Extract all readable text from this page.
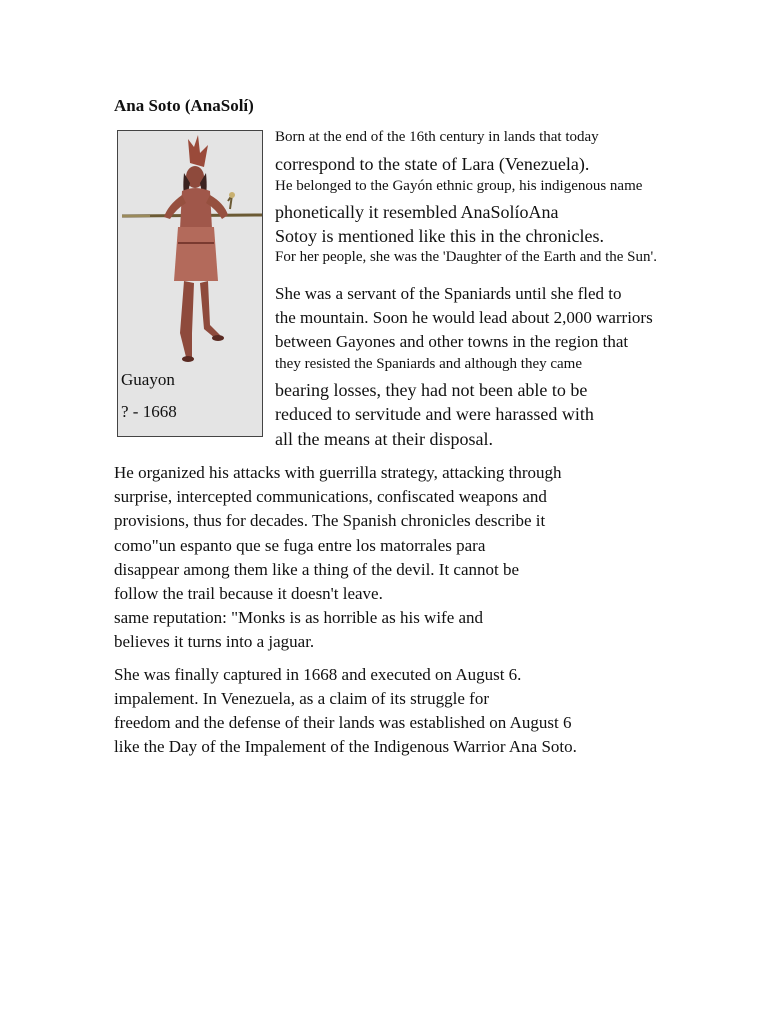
Ana Soto (AnaSolí)
Guayon
? - 1668
Born at the end of the 16th century in lands that today
correspond to the state of Lara (Venezuela).
He belonged to the Gayón ethnic group, his indigenous name
phonetically it resembled AnaSolíoAna
Sotoy is mentioned like this in the chronicles.
For her people, she was the 'Daughter of the Earth and the Sun'.
She was a servant of the Spaniards until she fled to
the mountain. Soon he would lead about 2,000 warriors
between Gayones and other towns in the region that
they resisted the Spaniards and although they came
bearing losses, they had not been able to be
reduced to servitude and were harassed with
all the means at their disposal.
He organized his attacks with guerrilla strategy, attacking through
surprise, intercepted communications, confiscated weapons and
provisions, thus for decades. The Spanish chronicles describe it
como"un espanto que se fuga entre los matorrales para
disappear among them like a thing of the devil. It cannot be
follow the trail because it doesn't leave.
same reputation: "Monks is as horrible as his wife and
believes it turns into a jaguar.
She was finally captured in 1668 and executed on August 6.
impalement. In Venezuela, as a claim of its struggle for
freedom and the defense of their lands was established on August 6
like the Day of the Impalement of the Indigenous Warrior Ana Soto.
